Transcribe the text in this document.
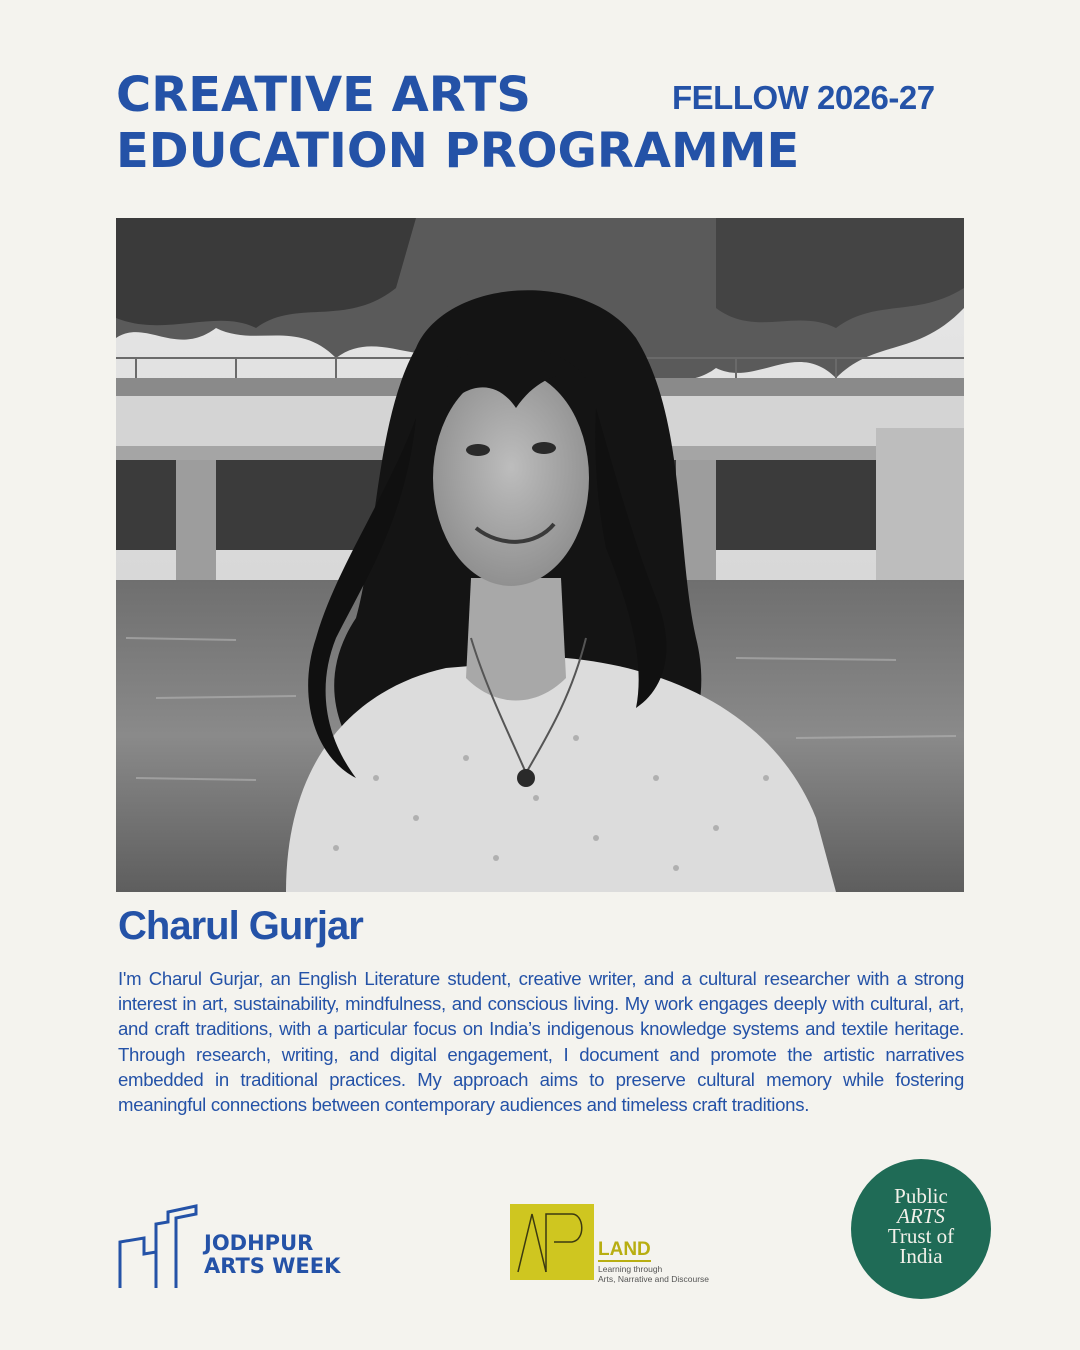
CREATIVE ARTS	FELLOW 2026-27
EDUCATION PROGRAMME
Charul Gurjar
I'm Charul Gurjar, an English Literature student, creative writer, and a cultural researcher with a strong interest in art, sustainability, mindfulness, and conscious living. My work engages deeply with cultural, art, and craft traditions, with a particular focus on India’s indigenous knowledge systems and textile heritage. Through research, writing, and digital engagement, I document and promote the artistic narratives embedded in traditional practices. My approach aims to preserve cultural memory while fostering meaningful connections between contemporary audiences and timeless craft traditions.
JODHPUR
ARTS WEEK
LAND
Learning through
Arts, Narrative and Discourse
Public
ARTS
Trust of
India
